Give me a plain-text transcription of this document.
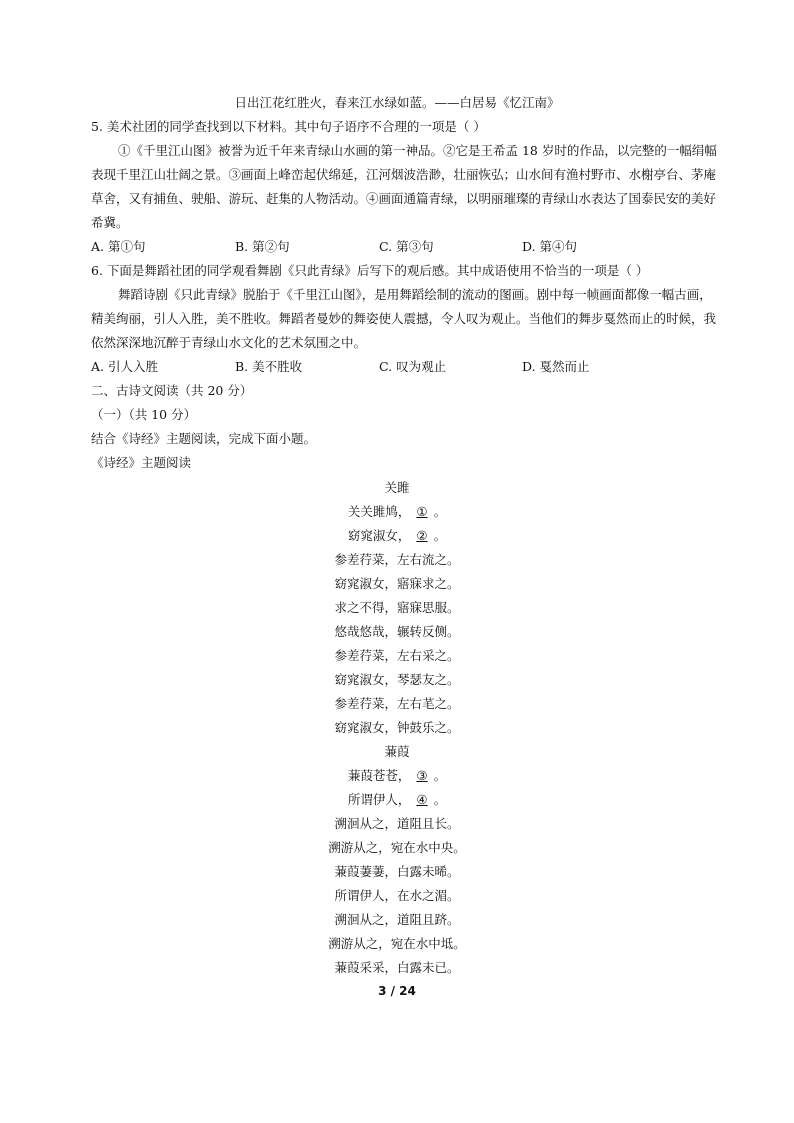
日出江花红胜火，春来江水绿如蓝。——白居易《忆江南》
5. 美术社团的同学查找到以下材料。其中句子语序不合理的一项是（ ）
①《千里江山图》被誉为近千年来青绿山水画的第一神品。②它是王希孟 18 岁时的作品，以完整的一幅绢幅
表现千里江山壮阔之景。③画面上峰峦起伏绵延，江河烟波浩渺，壮丽恢弘；山水间有渔村野市、水榭亭台、茅庵
草舍，又有捕鱼、驶船、游玩、赶集的人物活动。④画面通篇青绿，以明丽璀璨的青绿山水表达了国泰民安的美好
希冀。
A. 第①句	B. 第②句	C. 第③句	D. 第④句
6. 下面是舞蹈社团的同学观看舞剧《只此青绿》后写下的观后感。其中成语使用不恰当的一项是（ ）
舞蹈诗剧《只此青绿》脱胎于《千里江山图》，是用舞蹈绘制的流动的图画。剧中每一帧画面都像一幅古画，
精美绚丽，引人入胜，美不胜收。舞蹈者曼妙的舞姿使人震撼，令人叹为观止。当他们的舞步戛然而止的时候，我
依然深深地沉醉于青绿山水文化的艺术氛围之中。
A. 引人入胜	B. 美不胜收	C. 叹为观止	D. 戛然而止
二、古诗文阅读（共 20 分）
（一）（共 10 分）
结合《诗经》主题阅读，完成下面小题。
《诗经》主题阅读
关雎
关关雎鸠， ① 。
窈窕淑女， ② 。
参差荇菜，左右流之。
窈窕淑女，寤寐求之。
求之不得，寤寐思服。
悠哉悠哉，辗转反侧。
参差荇菜，左右采之。
窈窕淑女，琴瑟友之。
参差荇菜，左右芼之。
窈窕淑女，钟鼓乐之。
蒹葭
蒹葭苍苍， ③ 。
所谓伊人， ④ 。
溯洄从之，道阻且长。
溯游从之，宛在水中央。
蒹葭萋萋，白露未晞。
所谓伊人，在水之湄。
溯洄从之，道阻且跻。
溯游从之，宛在水中坻。
蒹葭采采，白露未已。
3 / 24
